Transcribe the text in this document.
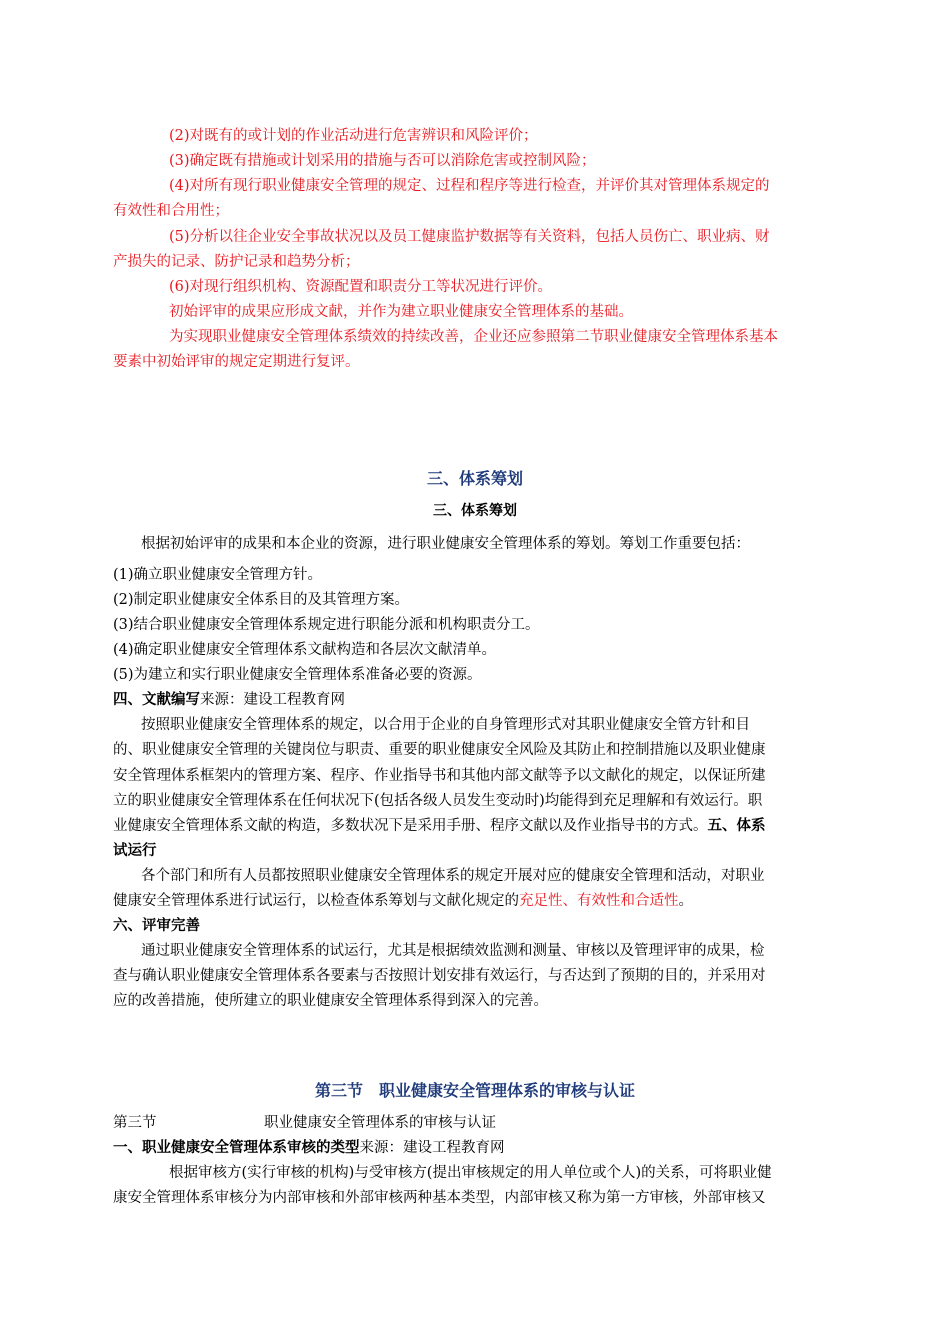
(2)对既有的或计划的作业活动进行危害辨识和风险评价；

(3)确定既有措施或计划采用的措施与否可以消除危害或控制风险；

(4)对所有现行职业健康安全管理的规定、过程和程序等进行检查，并评价其对管理体系规定的

有效性和合用性；

(5)分析以往企业安全事故状况以及员工健康监护数据等有关资料，包括人员伤亡、职业病、财

产损失的记录、防护记录和趋势分析；

(6)对现行组织机构、资源配置和职责分工等状况进行评价。

初始评审的成果应形成文献，并作为建立职业健康安全管理体系的基础。

为实现职业健康安全管理体系绩效的持续改善，企业还应参照第二节职业健康安全管理体系基本

要素中初始评审的规定定期进行复评。

三、体系筹划
三、体系筹划

根据初始评审的成果和本企业的资源，进行职业健康安全管理体系的筹划。筹划工作重要包括：

(1)确立职业健康安全管理方针。

(2)制定职业健康安全体系目的及其管理方案。

(3)结合职业健康安全管理体系规定进行职能分派和机构职责分工。

(4)确定职业健康安全管理体系文献构造和各层次文献清单。

(5)为建立和实行职业健康安全管理体系准备必要的资源。

四、文献编写来源：建设工程教育网

按照职业健康安全管理体系的规定，以合用于企业的自身管理形式对其职业健康安全管方针和目

的、职业健康安全管理的关键岗位与职责、重要的职业健康安全风险及其防止和控制措施以及职业健康

安全管理体系框架内的管理方案、程序、作业指导书和其他内部文献等予以文献化的规定，以保证所建

立的职业健康安全管理体系在任何状况下(包括各级人员发生变动时)均能得到充足理解和有效运行。职

业健康安全管理体系文献的构造，多数状况下是采用手册、程序文献以及作业指导书的方式。五、体系

试运行

各个部门和所有人员都按照职业健康安全管理体系的规定开展对应的健康安全管理和活动，对职业

健康安全管理体系进行试运行，以检查体系筹划与文献化规定的充足性、有效性和合适性。

六、评审完善

通过职业健康安全管理体系的试运行，尤其是根据绩效监测和测量、审核以及管理评审的成果，检

查与确认职业健康安全管理体系各要素与否按照计划安排有效运行，与否达到了预期的目的，并采用对

应的改善措施，使所建立的职业健康安全管理体系得到深入的完善。

第三节　职业健康安全管理体系的审核与认证

第三节	职业健康安全管理体系的审核与认证

一、职业健康安全管理体系审核的类型来源：建设工程教育网

根据审核方(实行审核的机构)与受审核方(提出审核规定的用人单位或个人)的关系，可将职业健

康安全管理体系审核分为内部审核和外部审核两种基本类型，内部审核又称为第一方审核，外部审核又
